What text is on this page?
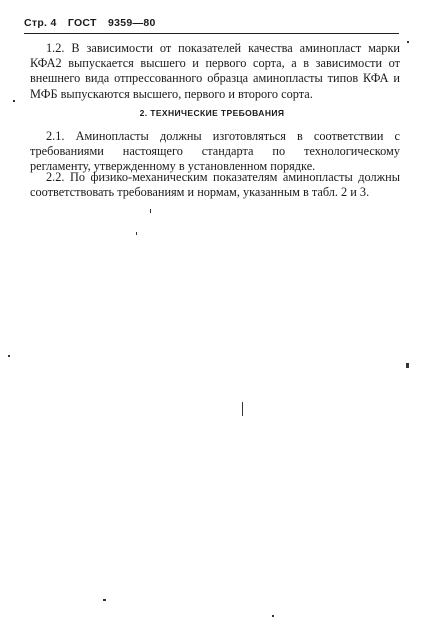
Стр. 4 ГОСТ 9359—80
1.2. В зависимости от показателей качества аминопласт марки КФА2 выпускается высшего и первого сорта, а в зависимости от внешнего вида отпрессованного образца аминопласты типов КФА и МФБ выпускаются высшего, первого и второго сорта.
2. ТЕХНИЧЕСКИЕ ТРЕБОВАНИЯ
2.1. Аминопласты должны изготовляться в соответствии с требованиями настоящего стандарта по технологическому регламенту, утвержденному в установленном порядке.
2.2. По физико-механическим показателям аминопласты должны соответствовать требованиям и нормам, указанным в табл. 2 и 3.
